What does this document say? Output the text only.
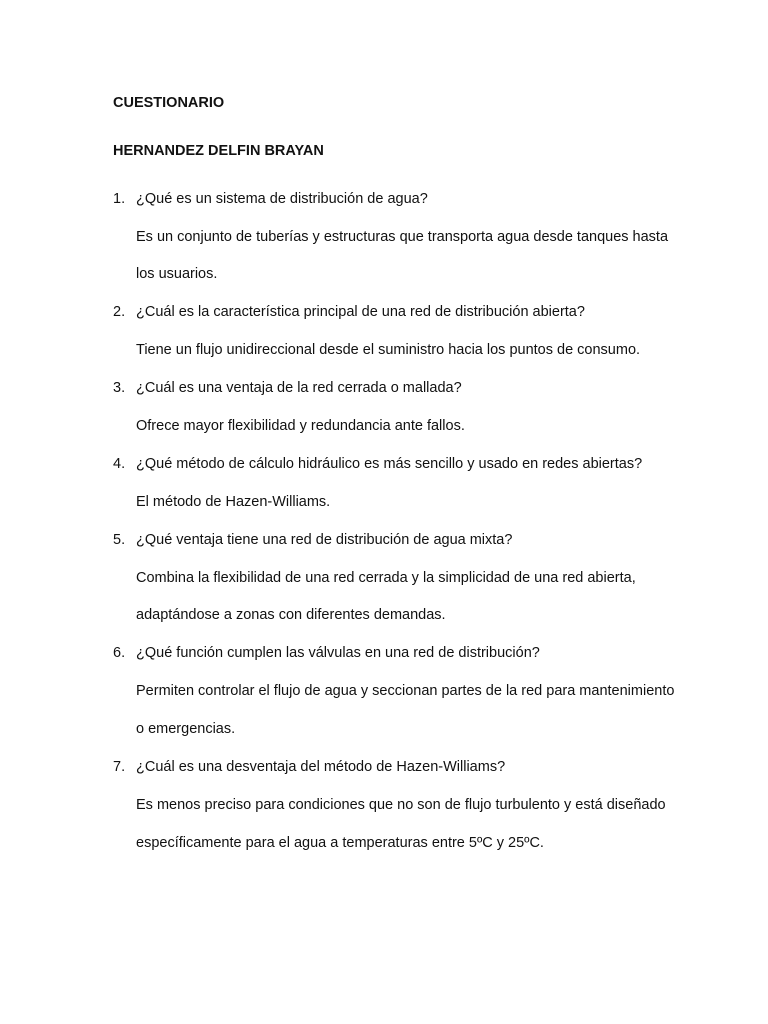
CUESTIONARIO
HERNANDEZ DELFIN BRAYAN
1. ¿Qué es un sistema de distribución de agua?
Es un conjunto de tuberías y estructuras que transporta agua desde tanques hasta
los usuarios.
2. ¿Cuál es la característica principal de una red de distribución abierta?
Tiene un flujo unidireccional desde el suministro hacia los puntos de consumo.
3. ¿Cuál es una ventaja de la red cerrada o mallada?
Ofrece mayor flexibilidad y redundancia ante fallos.
4. ¿Qué método de cálculo hidráulico es más sencillo y usado en redes abiertas?
El método de Hazen-Williams.
5. ¿Qué ventaja tiene una red de distribución de agua mixta?
Combina la flexibilidad de una red cerrada y la simplicidad de una red abierta,
adaptándose a zonas con diferentes demandas.
6. ¿Qué función cumplen las válvulas en una red de distribución?
Permiten controlar el flujo de agua y seccionan partes de la red para mantenimiento
o emergencias.
7. ¿Cuál es una desventaja del método de Hazen-Williams?
Es menos preciso para condiciones que no son de flujo turbulento y está diseñado
específicamente para el agua a temperaturas entre 5ºC y 25ºC.
